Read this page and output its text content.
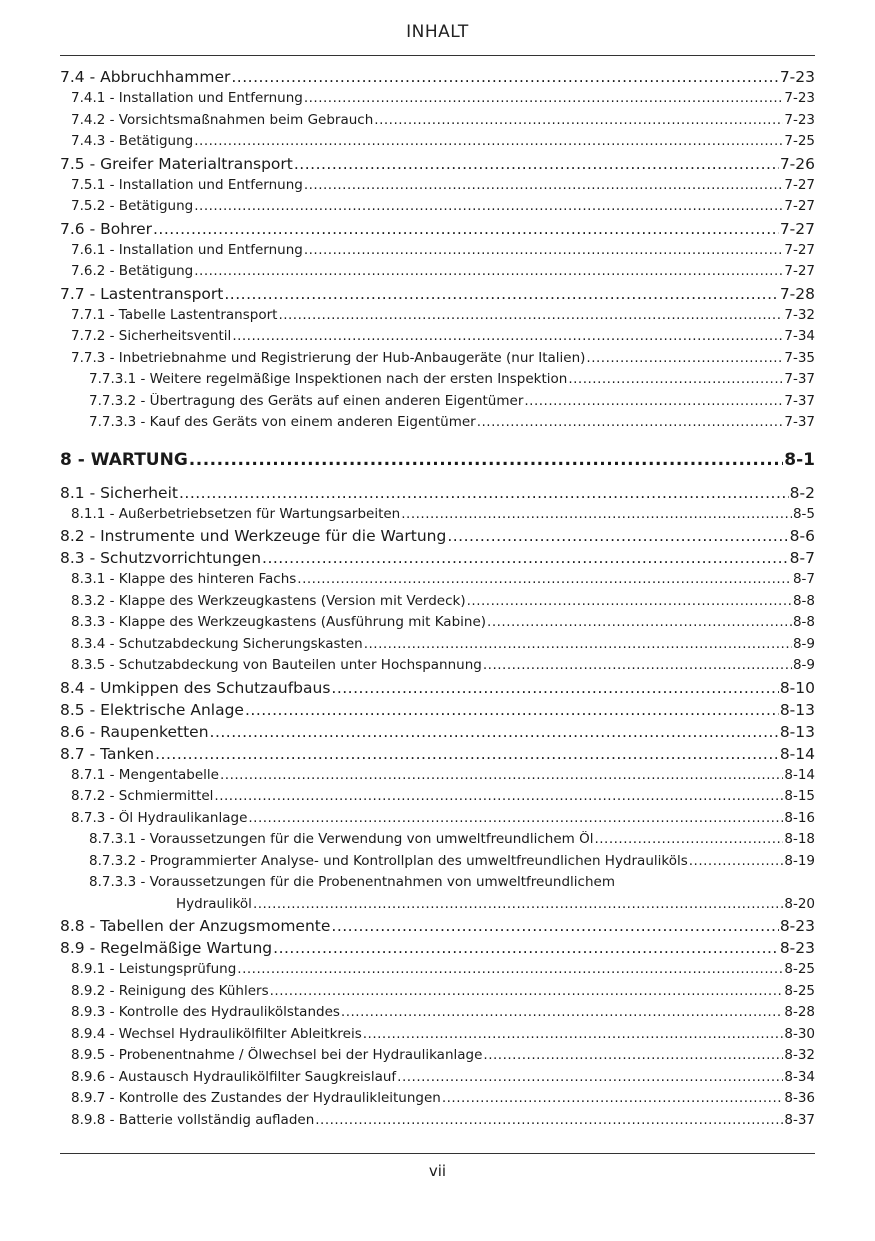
INHALT
7.4 - Abbruchhammer .....	7-23
7.4.1 - Installation und Entfernung .....	7-23
7.4.2 - Vorsichtsmaßnahmen beim Gebrauch .....	7-23
7.4.3 - Betätigung .....	7-25
7.5 - Greifer Materialtransport .....	7-26
7.5.1 - Installation und Entfernung .....	7-27
7.5.2 - Betätigung .....	7-27
7.6 - Bohrer .....	7-27
7.6.1 - Installation und Entfernung .....	7-27
7.6.2 - Betätigung .....	7-27
7.7 - Lastentransport .....	7-28
7.7.1 - Tabelle Lastentransport .....	7-32
7.7.2 - Sicherheitsventil .....	7-34
7.7.3 - Inbetriebnahme und Registrierung der Hub-Anbaugeräte (nur Italien) .....	7-35
7.7.3.1 - Weitere regelmäßige Inspektionen nach der ersten Inspektion .....	7-37
7.7.3.2 - Übertragung des Geräts auf einen anderen Eigentümer .....	7-37
7.7.3.3 - Kauf des Geräts von einem anderen Eigentümer .....	7-37
8 - WARTUNG .....	8-1
8.1 - Sicherheit .....	8-2
8.1.1 - Außerbetriebsetzen für Wartungsarbeiten .....	8-5
8.2 - Instrumente und Werkzeuge für die Wartung .....	8-6
8.3 - Schutzvorrichtungen .....	8-7
8.3.1 - Klappe des hinteren Fachs .....	8-7
8.3.2 - Klappe des Werkzeugkastens (Version mit Verdeck) .....	8-8
8.3.3 - Klappe des Werkzeugkastens (Ausführung mit Kabine) .....	8-8
8.3.4 - Schutzabdeckung Sicherungskasten .....	8-9
8.3.5 - Schutzabdeckung von Bauteilen unter Hochspannung .....	8-9
8.4 - Umkippen des Schutzaufbaus .....	8-10
8.5 - Elektrische Anlage .....	8-13
8.6 - Raupenketten .....	8-13
8.7 - Tanken .....	8-14
8.7.1 - Mengentabelle .....	8-14
8.7.2 - Schmiermittel .....	8-15
8.7.3 - Öl Hydraulikanlage .....	8-16
8.7.3.1 - Voraussetzungen für die Verwendung von umweltfreundlichem Öl .....	8-18
8.7.3.2 - Programmierter Analyse- und Kontrollplan des umweltfreundlichen Hydrauliköls .....	8-19
8.7.3.3 - Voraussetzungen für die Probenentnahmen von umweltfreundlichem
Hydrauliköl .....	8-20
8.8 - Tabellen der Anzugsmomente .....	8-23
8.9 - Regelmäßige Wartung .....	8-23
8.9.1 - Leistungsprüfung .....	8-25
8.9.2 - Reinigung des Kühlers .....	8-25
8.9.3 - Kontrolle des Hydraulikölstandes .....	8-28
8.9.4 - Wechsel Hydraulikölfilter Ableitkreis .....	8-30
8.9.5 - Probenentnahme / Ölwechsel bei der Hydraulikanlage .....	8-32
8.9.6 - Austausch Hydraulikölfilter Saugkreislauf .....	8-34
8.9.7 - Kontrolle des Zustandes der Hydraulikleitungen .....	8-36
8.9.8 - Batterie vollständig aufladen .....	8-37
vii
